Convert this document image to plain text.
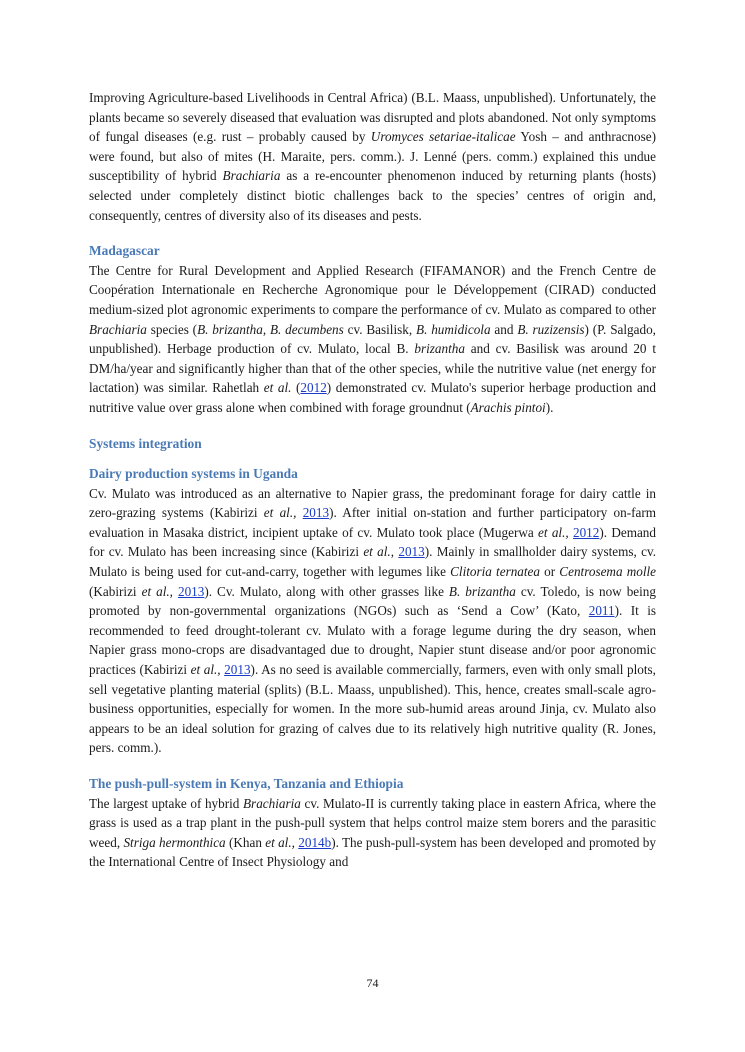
Improving Agriculture-based Livelihoods in Central Africa) (B.L. Maass, unpublished). Unfortunately, the plants became so severely diseased that evaluation was disrupted and plots abandoned. Not only symptoms of fungal diseases (e.g. rust – probably caused by Uromyces setariae-italicae Yosh – and anthracnose) were found, but also of mites (H. Maraite, pers. comm.). J. Lenné (pers. comm.) explained this undue susceptibility of hybrid Brachiaria as a re-encounter phenomenon induced by returning plants (hosts) selected under completely distinct biotic challenges back to the species’ centres of origin and, consequently, centres of diversity also of its diseases and pests.

Madagascar

The Centre for Rural Development and Applied Research (FIFAMANOR) and the French Centre de Coopération Internationale en Recherche Agronomique pour le Développement (CIRAD) conducted medium-sized plot agronomic experiments to compare the performance of cv. Mulato as compared to other Brachiaria species (B. brizantha, B. decumbens cv. Basilisk, B. humidicola and B. ruzizensis) (P. Salgado, unpublished). Herbage production of cv. Mulato, local B. brizantha and cv. Basilisk was around 20 t DM/ha/year and significantly higher than that of the other species, while the nutritive value (net energy for lactation) was similar. Rahetlah et al. (2012) demonstrated cv. Mulato's superior herbage production and nutritive value over grass alone when combined with forage groundnut (Arachis pintoi).

Systems integration
Dairy production systems in Uganda

Cv. Mulato was introduced as an alternative to Napier grass, the predominant forage for dairy cattle in zero-grazing systems (Kabirizi et al., 2013). After initial on-station and further participatory on-farm evaluation in Masaka district, incipient uptake of cv. Mulato took place (Mugerwa et al., 2012). Demand for cv. Mulato has been increasing since (Kabirizi et al., 2013). Mainly in smallholder dairy systems, cv. Mulato is being used for cut-and-carry, together with legumes like Clitoria ternatea or Centrosema molle (Kabirizi et al., 2013). Cv. Mulato, along with other grasses like B. brizantha cv. Toledo, is now being promoted by non-governmental organizations (NGOs) such as ‘Send a Cow’ (Kato, 2011). It is recommended to feed drought-tolerant cv. Mulato with a forage legume during the dry season, when Napier grass mono-crops are disadvantaged due to drought, Napier stunt disease and/or poor agronomic practices (Kabirizi et al., 2013). As no seed is available commercially, farmers, even with only small plots, sell vegetative planting material (splits) (B.L. Maass, unpublished). This, hence, creates small-scale agro-business opportunities, especially for women. In the more sub-humid areas around Jinja, cv. Mulato also appears to be an ideal solution for grazing of calves due to its relatively high nutritive quality (R. Jones, pers. comm.).

The push-pull-system in Kenya, Tanzania and Ethiopia

The largest uptake of hybrid Brachiaria cv. Mulato-II is currently taking place in eastern Africa, where the grass is used as a trap plant in the push-pull system that helps control maize stem borers and the parasitic weed, Striga hermonthica (Khan et al., 2014b). The push-pull-system has been developed and promoted by the International Centre of Insect Physiology and

74
